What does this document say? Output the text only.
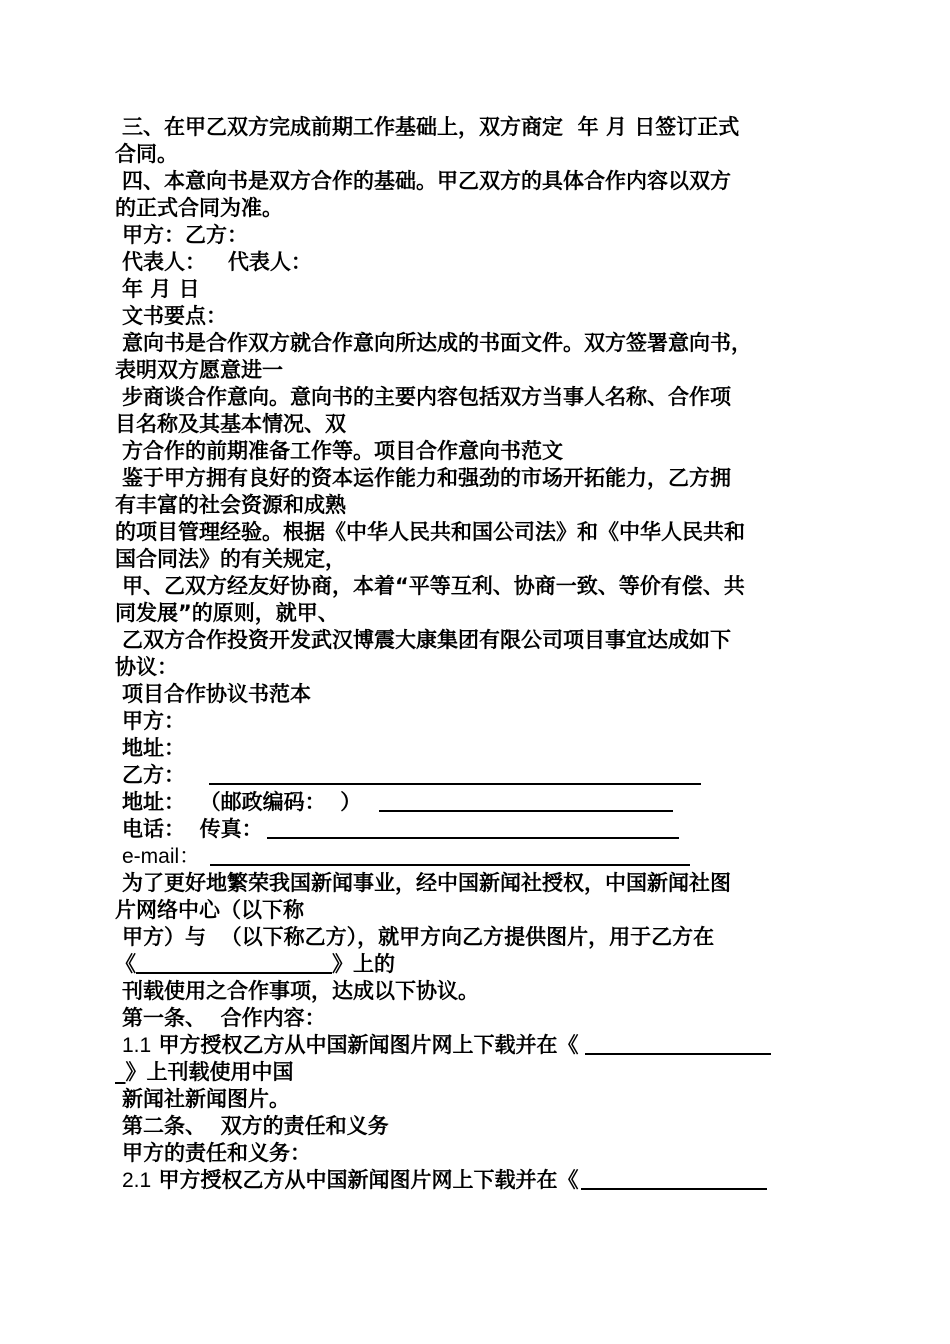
三、在甲乙双方完成前期工作基础上，双方商定  年 月 日签订正式
合同。
四、本意向书是双方合作的基础。甲乙双方的具体合作内容以双方
的正式合同为准。
甲方：乙方：
代表人：   代表人：
年 月 日
文书要点：
意向书是合作双方就合作意向所达成的书面文件。双方签署意向书，
表明双方愿意进一
步商谈合作意向。意向书的主要内容包括双方当事人名称、合作项
目名称及其基本情况、双
方合作的前期准备工作等。项目合作意向书范文
鉴于甲方拥有良好的资本运作能力和强劲的市场开拓能力，乙方拥
有丰富的社会资源和成熟
的项目管理经验。根据《中华人民共和国公司法》和《中华人民共和
国合同法》的有关规定，
甲、乙双方经友好协商，本着“平等互利、协商一致、等价有偿、共
同发展”的原则，就甲、
乙双方合作投资开发武汉博震大康集团有限公司项目事宜达成如下
协议：
项目合作协议书范本
甲方：
地址：
乙方：
地址：  （邮政编码：  ）
电话：  传真：
e-mail：
为了更好地繁荣我国新闻事业，经中国新闻社授权，中国新闻社图
片网络中心（以下称
甲方）与  （以下称乙方），就甲方向乙方提供图片，用于乙方在
《	》上的
刊载使用之合作事项，达成以下协议。
第一条、  合作内容：
1.1 甲方授权乙方从中国新闻图片网上下载并在《
_》上刊载使用中国
新闻社新闻图片。
第二条、  双方的责任和义务
甲方的责任和义务：
2.1 甲方授权乙方从中国新闻图片网上下载并在《
